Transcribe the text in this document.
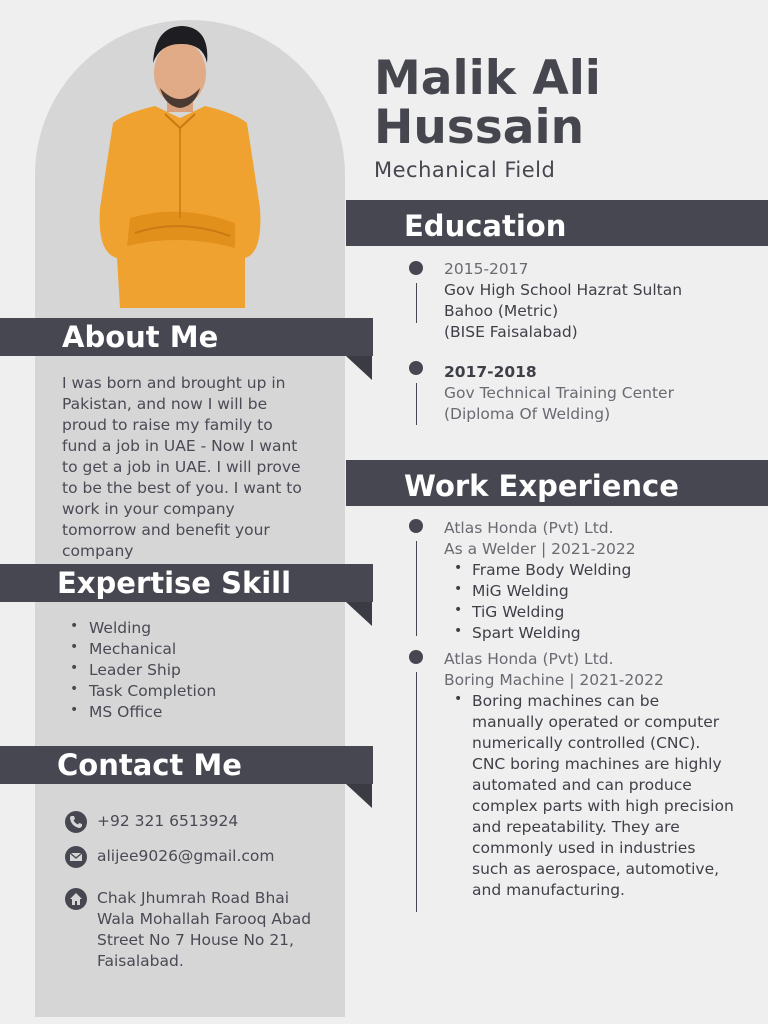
Malik Ali
Hussain
Mechanical Field
Education
2015-2017
Gov High School Hazrat Sultan Bahoo (Metric)
(BISE Faisalabad)
2017-2018
Gov Technical Training Center
(Diploma Of Welding)
Work Experience
Atlas Honda (Pvt) Ltd.
As a Welder | 2021-2022
• Frame Body Welding
• MiG Welding
• TiG Welding
• Spart Welding
Atlas Honda (Pvt) Ltd.
Boring Machine | 2021-2022
• Boring machines can be manually operated or computer numerically controlled (CNC). CNC boring machines are highly automated and can produce complex parts with high precision and repeatability. They are commonly used in industries such as aerospace, automotive, and manufacturing.
About Me
I was born and brought up in Pakistan, and now I will be proud to raise my family to fund a job in UAE - Now I want to get a job in UAE. I will prove to be the best of you. I want to work in your company tomorrow and benefit your company
Expertise Skill
• Welding
• Mechanical
• Leader Ship
• Task Completion
• MS Office
Contact Me
+92 321 6513924
alijee9026@gmail.com
Chak Jhumrah Road Bhai Wala Mohallah Farooq Abad Street No 7 House No 21, Faisalabad.
